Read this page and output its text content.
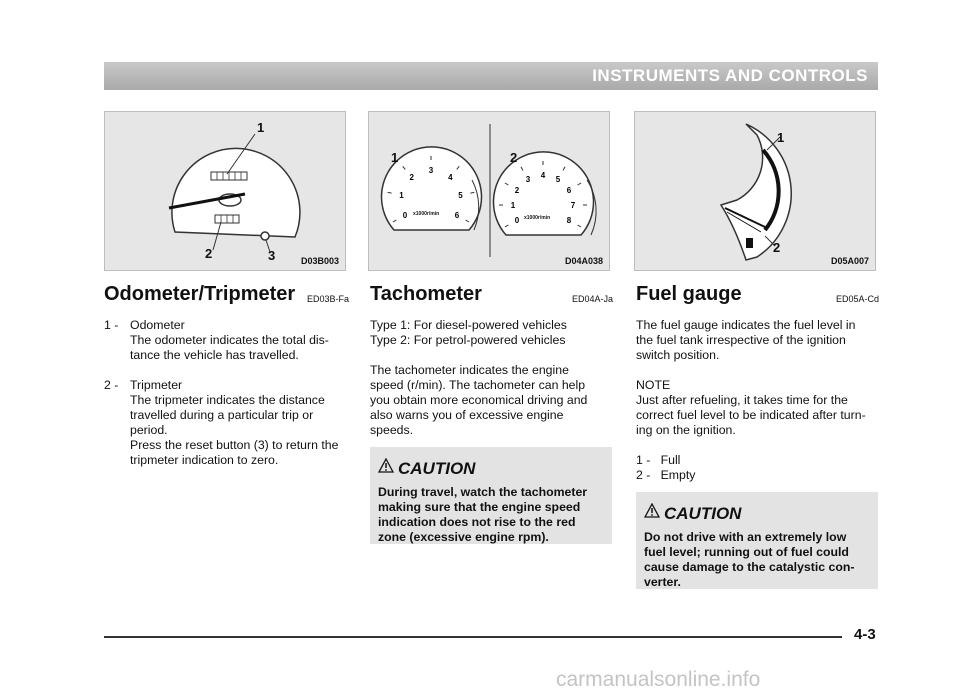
INSTRUMENTS AND CONTROLS
1
2	3	D03B003
0
1
2
3
4
5
6
0
1
2
3 4 5
6
7
8
1	2
x1000r/min
x1000r/min
D04A038
1
2
D05A007
Odometer/Tripmeter ED03B-Fa
1 - Odometer
The odometer indicates the total dis-
tance the vehicle has travelled.
2 - Tripmeter
The tripmeter indicates the distance
travelled during a particular trip or
period.
Press the reset button (3) to return the
tripmeter indication to zero.
Tachometer	ED04A-Ja
Type 1: For diesel-powered vehicles
Type 2: For petrol-powered vehicles
The tachometer indicates the engine
speed (r/min). The tachometer can help
you obtain more economical driving and
also warns you of excessive engine
speeds.
CAUTION
During travel, watch the tachometer
making sure that the engine speed
indication does not rise to the red
zone (excessive engine rpm).
Fuel gauge	ED05A-Cd
The fuel gauge indicates the fuel level in
the fuel tank irrespective of the ignition
switch position.
NOTE
Just after refueling, it takes time for the
correct fuel level to be indicated after turn-
ing on the ignition.
1 -   Full
2 -   Empty
CAUTION
Do not drive with an extremely low
fuel level; running out of fuel could
cause damage to the catalystic con-
verter.
4-3
carmanualsonline.info
